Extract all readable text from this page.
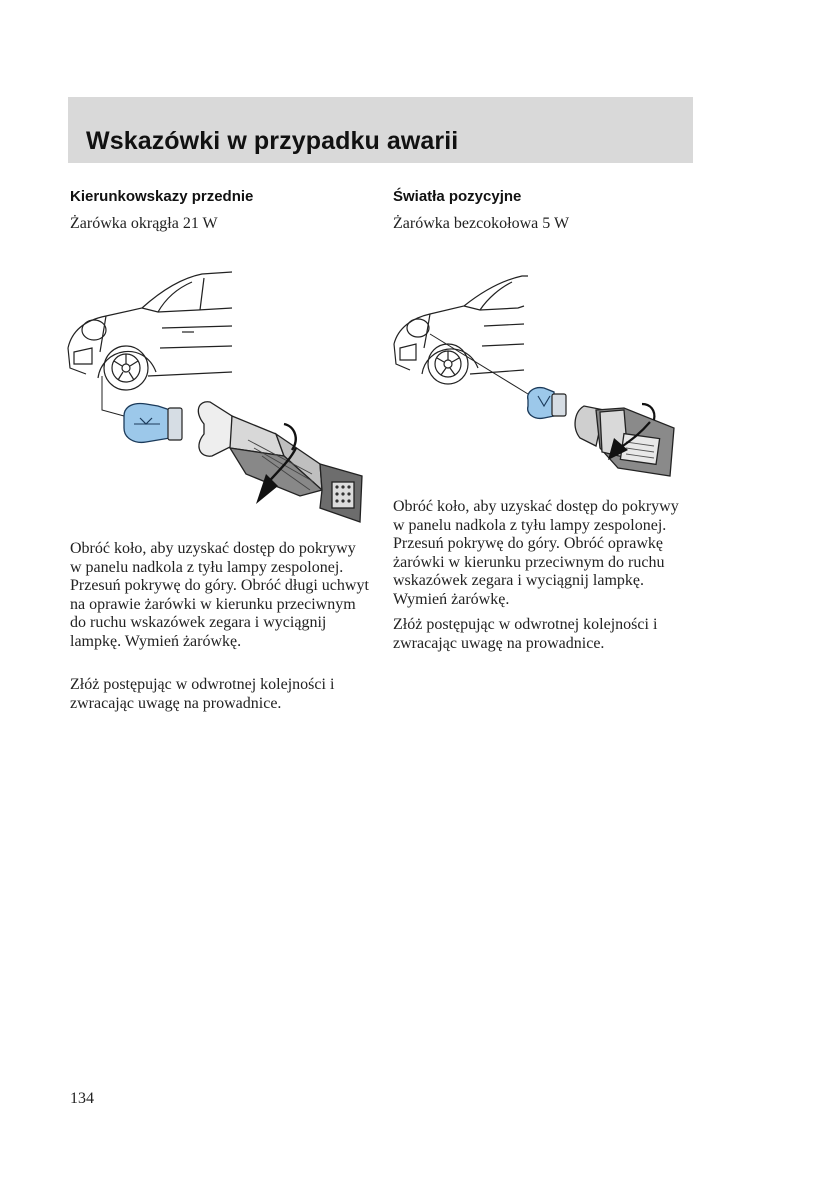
Wskazówki w przypadku awarii
Kierunkowskazy przednie

Żarówka okrągła 21 W

Obróć koło, aby uzyskać dostęp do pokrywy w panelu nadkola z tyłu lampy zespolonej. Przesuń pokrywę do góry. Obróć długi uchwyt na oprawie żarówki w kierunku przeciwnym do ruchu wskazówek zegara i wyciągnij lampkę. Wymień żarówkę.

Złóż postępując w odwrotnej kolejności i zwracając uwagę na prowadnice.

Światła pozycyjne

Żarówka bezcokołowa 5 W

Obróć koło, aby uzyskać dostęp do pokrywy w panelu nadkola z tyłu lampy zespolonej. Przesuń pokrywę do góry. Obróć oprawkę żarówki w kierunku przeciwnym do ruchu wskazówek zegara i wyciągnij lampkę. Wymień żarówkę.

Złóż postępując w odwrotnej kolejności i zwracając uwagę na prowadnice.

134
